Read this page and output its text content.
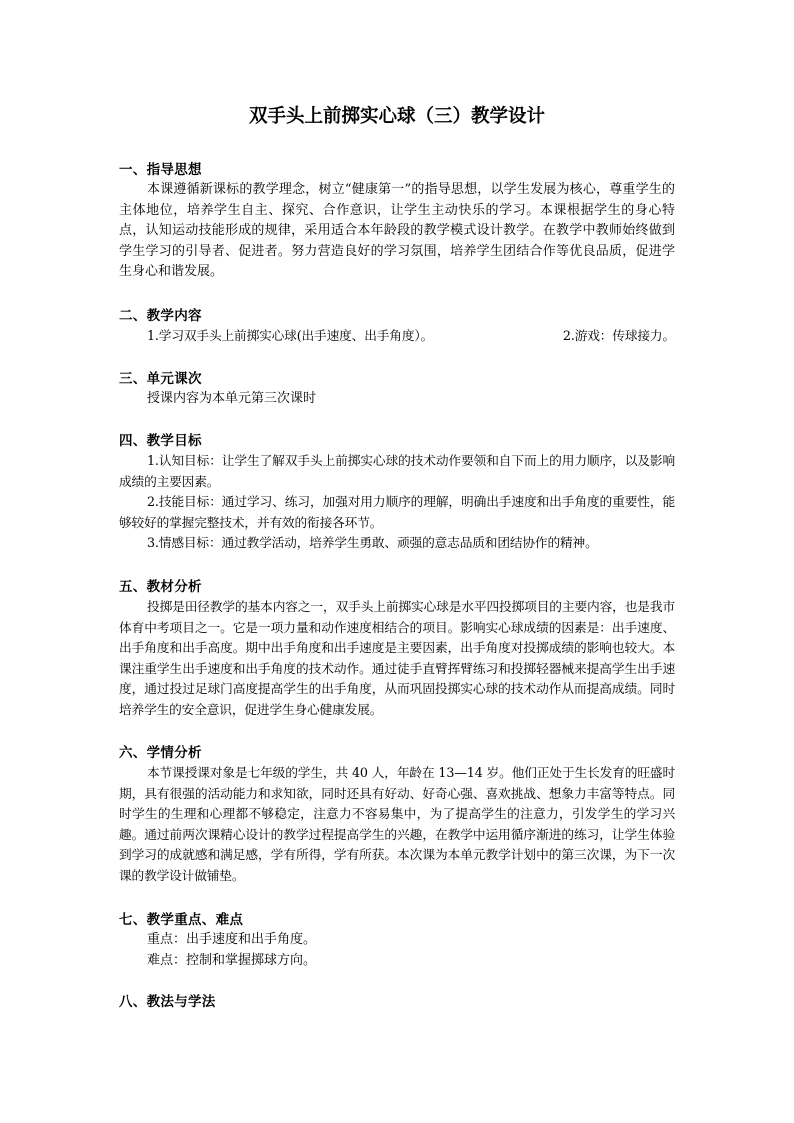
双手头上前掷实心球（三）教学设计
一、指导思想

本课遵循新课标的教学理念，树立“健康第一”的指导思想，以学生发展为核心，尊重学生的主体地位，培养学生自主、探究、合作意识，让学生主动快乐的学习。本课根据学生的身心特点，认知运动技能形成的规律，采用适合本年龄段的教学模式设计教学。在教学中教师始终做到学生学习的引导者、促进者。努力营造良好的学习氛围，培养学生团结合作等优良品质，促进学生身心和谐发展。

二、教学内容
1.学习双手头上前掷实心球(出手速度、出手角度）。	2.游戏：传球接力。
三、单元课次

授课内容为本单元第三次课时

四、教学目标

1.认知目标：让学生了解双手头上前掷实心球的技术动作要领和自下而上的用力顺序，以及影响成绩的主要因素。

2.技能目标：通过学习、练习，加强对用力顺序的理解，明确出手速度和出手角度的重要性，能够较好的掌握完整技术，并有效的衔接各环节。

3.情感目标：通过教学活动，培养学生勇敢、顽强的意志品质和团结协作的精神。

五、教材分析

投掷是田径教学的基本内容之一，双手头上前掷实心球是水平四投掷项目的主要内容，也是我市体育中考项目之一。它是一项力量和动作速度相结合的项目。影响实心球成绩的因素是：出手速度、出手角度和出手高度。期中出手角度和出手速度是主要因素，出手角度对投掷成绩的影响也较大。本课注重学生出手速度和出手角度的技术动作。通过徒手直臂挥臂练习和投掷轻器械来提高学生出手速度，通过投过足球门高度提高学生的出手角度，从而巩固投掷实心球的技术动作从而提高成绩。同时培养学生的安全意识，促进学生身心健康发展。

六、学情分析

本节课授课对象是七年级的学生，共 40 人，年龄在 13—14 岁。他们正处于生长发育的旺盛时期，具有很强的活动能力和求知欲，同时还具有好动、好奇心强、喜欢挑战、想象力丰富等特点。同时学生的生理和心理都不够稳定，注意力不容易集中，为了提高学生的注意力，引发学生的学习兴趣。通过前两次课精心设计的教学过程提高学生的兴趣，在教学中运用循序渐进的练习，让学生体验到学习的成就感和满足感，学有所得，学有所获。本次课为本单元教学计划中的第三次课，为下一次课的教学设计做铺垫。

七、教学重点、难点

重点：出手速度和出手角度。

难点：控制和掌握掷球方向。

八、教法与学法
